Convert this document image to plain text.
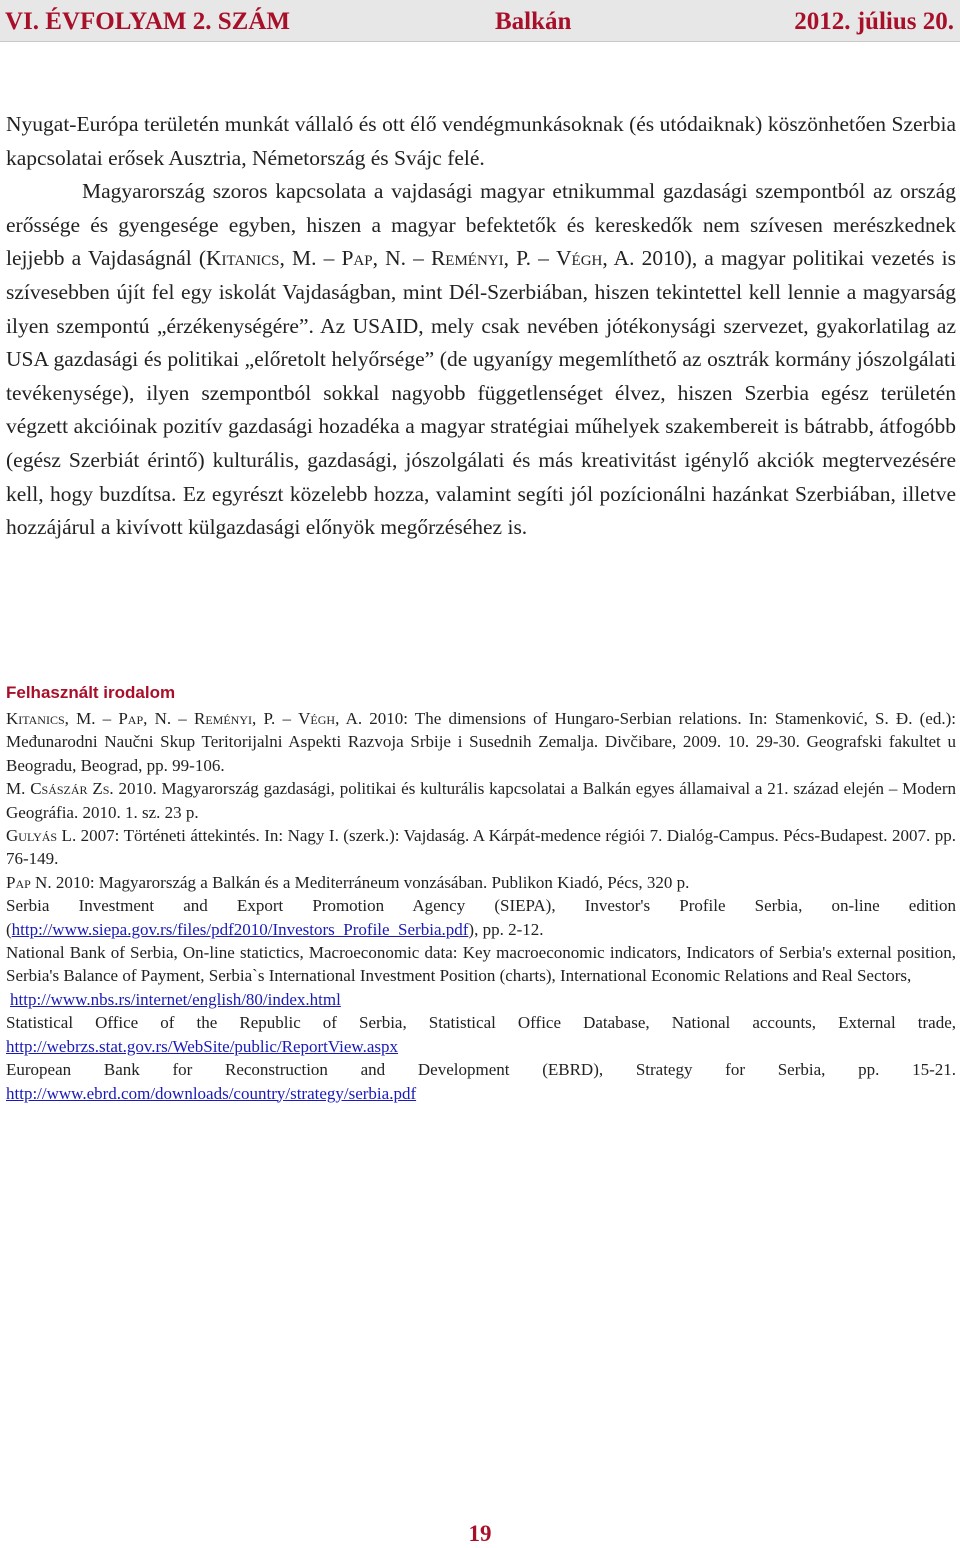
VI. ÉVFOLYAM 2. SZÁM	Balkán	2012. július 20.

Nyugat-Európa területén munkát vállaló és ott élő vendégmunkásoknak (és utódaiknak) köszönhetően Szerbia kapcsolatai erősek Ausztria, Németország és Svájc felé.

Magyarország szoros kapcsolata a vajdasági magyar etnikummal gazdasági szempontból az ország erőssége és gyengesége egyben, hiszen a magyar befektetők és kereskedők nem szívesen merészkednek lejjebb a Vajdaságnál (Kitanics, M. – Pap, N. – Reményi, P. – Végh, A. 2010), a magyar politikai vezetés is szívesebben újít fel egy iskolát Vajdaságban, mint Dél-Szerbiában, hiszen tekintettel kell lennie a magyarság ilyen szempontú „érzékenységére”. Az USAID, mely csak nevében jótékonysági szervezet, gyakorlatilag az USA gazdasági és politikai „előretolt helyőrsége” (de ugyanígy megemlíthető az osztrák kormány jószolgálati tevékenysége), ilyen szempontból sokkal nagyobb függetlenséget élvez, hiszen Szerbia egész területén végzett akcióinak pozitív gazdasági hozadéka a magyar stratégiai műhelyek szakembereit is bátrabb, átfogóbb (egész Szerbiát érintő) kulturális, gazdasági, jószolgálati és más kreativitást igénylő akciók megtervezésére kell, hogy buzdítsa. Ez egyrészt közelebb hozza, valamint segíti jól pozícionálni hazánkat Szerbiában, illetve hozzájárul a kivívott külgazdasági előnyök megőrzéséhez is.

Felhasznált irodalom

Kitanics, M. – Pap, N. – Reményi, P. – Végh, A. 2010: The dimensions of Hungaro-Serbian relations. In: Stamenković, S. Đ. (ed.): Međunarodni Naučni Skup Teritorijalni Aspekti Razvoja Srbije i Susednih Zemalja. Divčibare, 2009. 10. 29-30. Geografski fakultet u Beogradu, Beograd, pp. 99-106.

M. Császár Zs. 2010. Magyarország gazdasági, politikai és kulturális kapcsolatai a Balkán egyes államaival a 21. század elején – Modern Geográfia. 2010. 1. sz. 23 p.

Gulyás L. 2007: Történeti áttekintés. In: Nagy I. (szerk.): Vajdaság. A Kárpát-medence régiói 7. Dialóg-Campus. Pécs-Budapest. 2007. pp. 76-149.

Pap N. 2010: Magyarország a Balkán és a Mediterráneum vonzásában. Publikon Kiadó, Pécs, 320 p.

Serbia Investment and Export Promotion Agency (SIEPA), Investor's Profile Serbia, on-line edition (http://www.siepa.gov.rs/files/pdf2010/Investors_Profile_Serbia.pdf), pp. 2-12.

National Bank of Serbia, On-line statictics, Macroeconomic data: Key macroeconomic indicators, Indicators of Serbia's external position, Serbia's Balance of Payment, Serbia`s International Investment Position (charts), International Economic Relations and Real Sectors,

http://www.nbs.rs/internet/english/80/index.html

Statistical Office of the Republic of Serbia, Statistical Office Database, National accounts, External trade, http://webrzs.stat.gov.rs/WebSite/public/ReportView.aspx

European Bank for Reconstruction and Development (EBRD), Strategy for Serbia, pp. 15-21. http://www.ebrd.com/downloads/country/strategy/serbia.pdf

19
